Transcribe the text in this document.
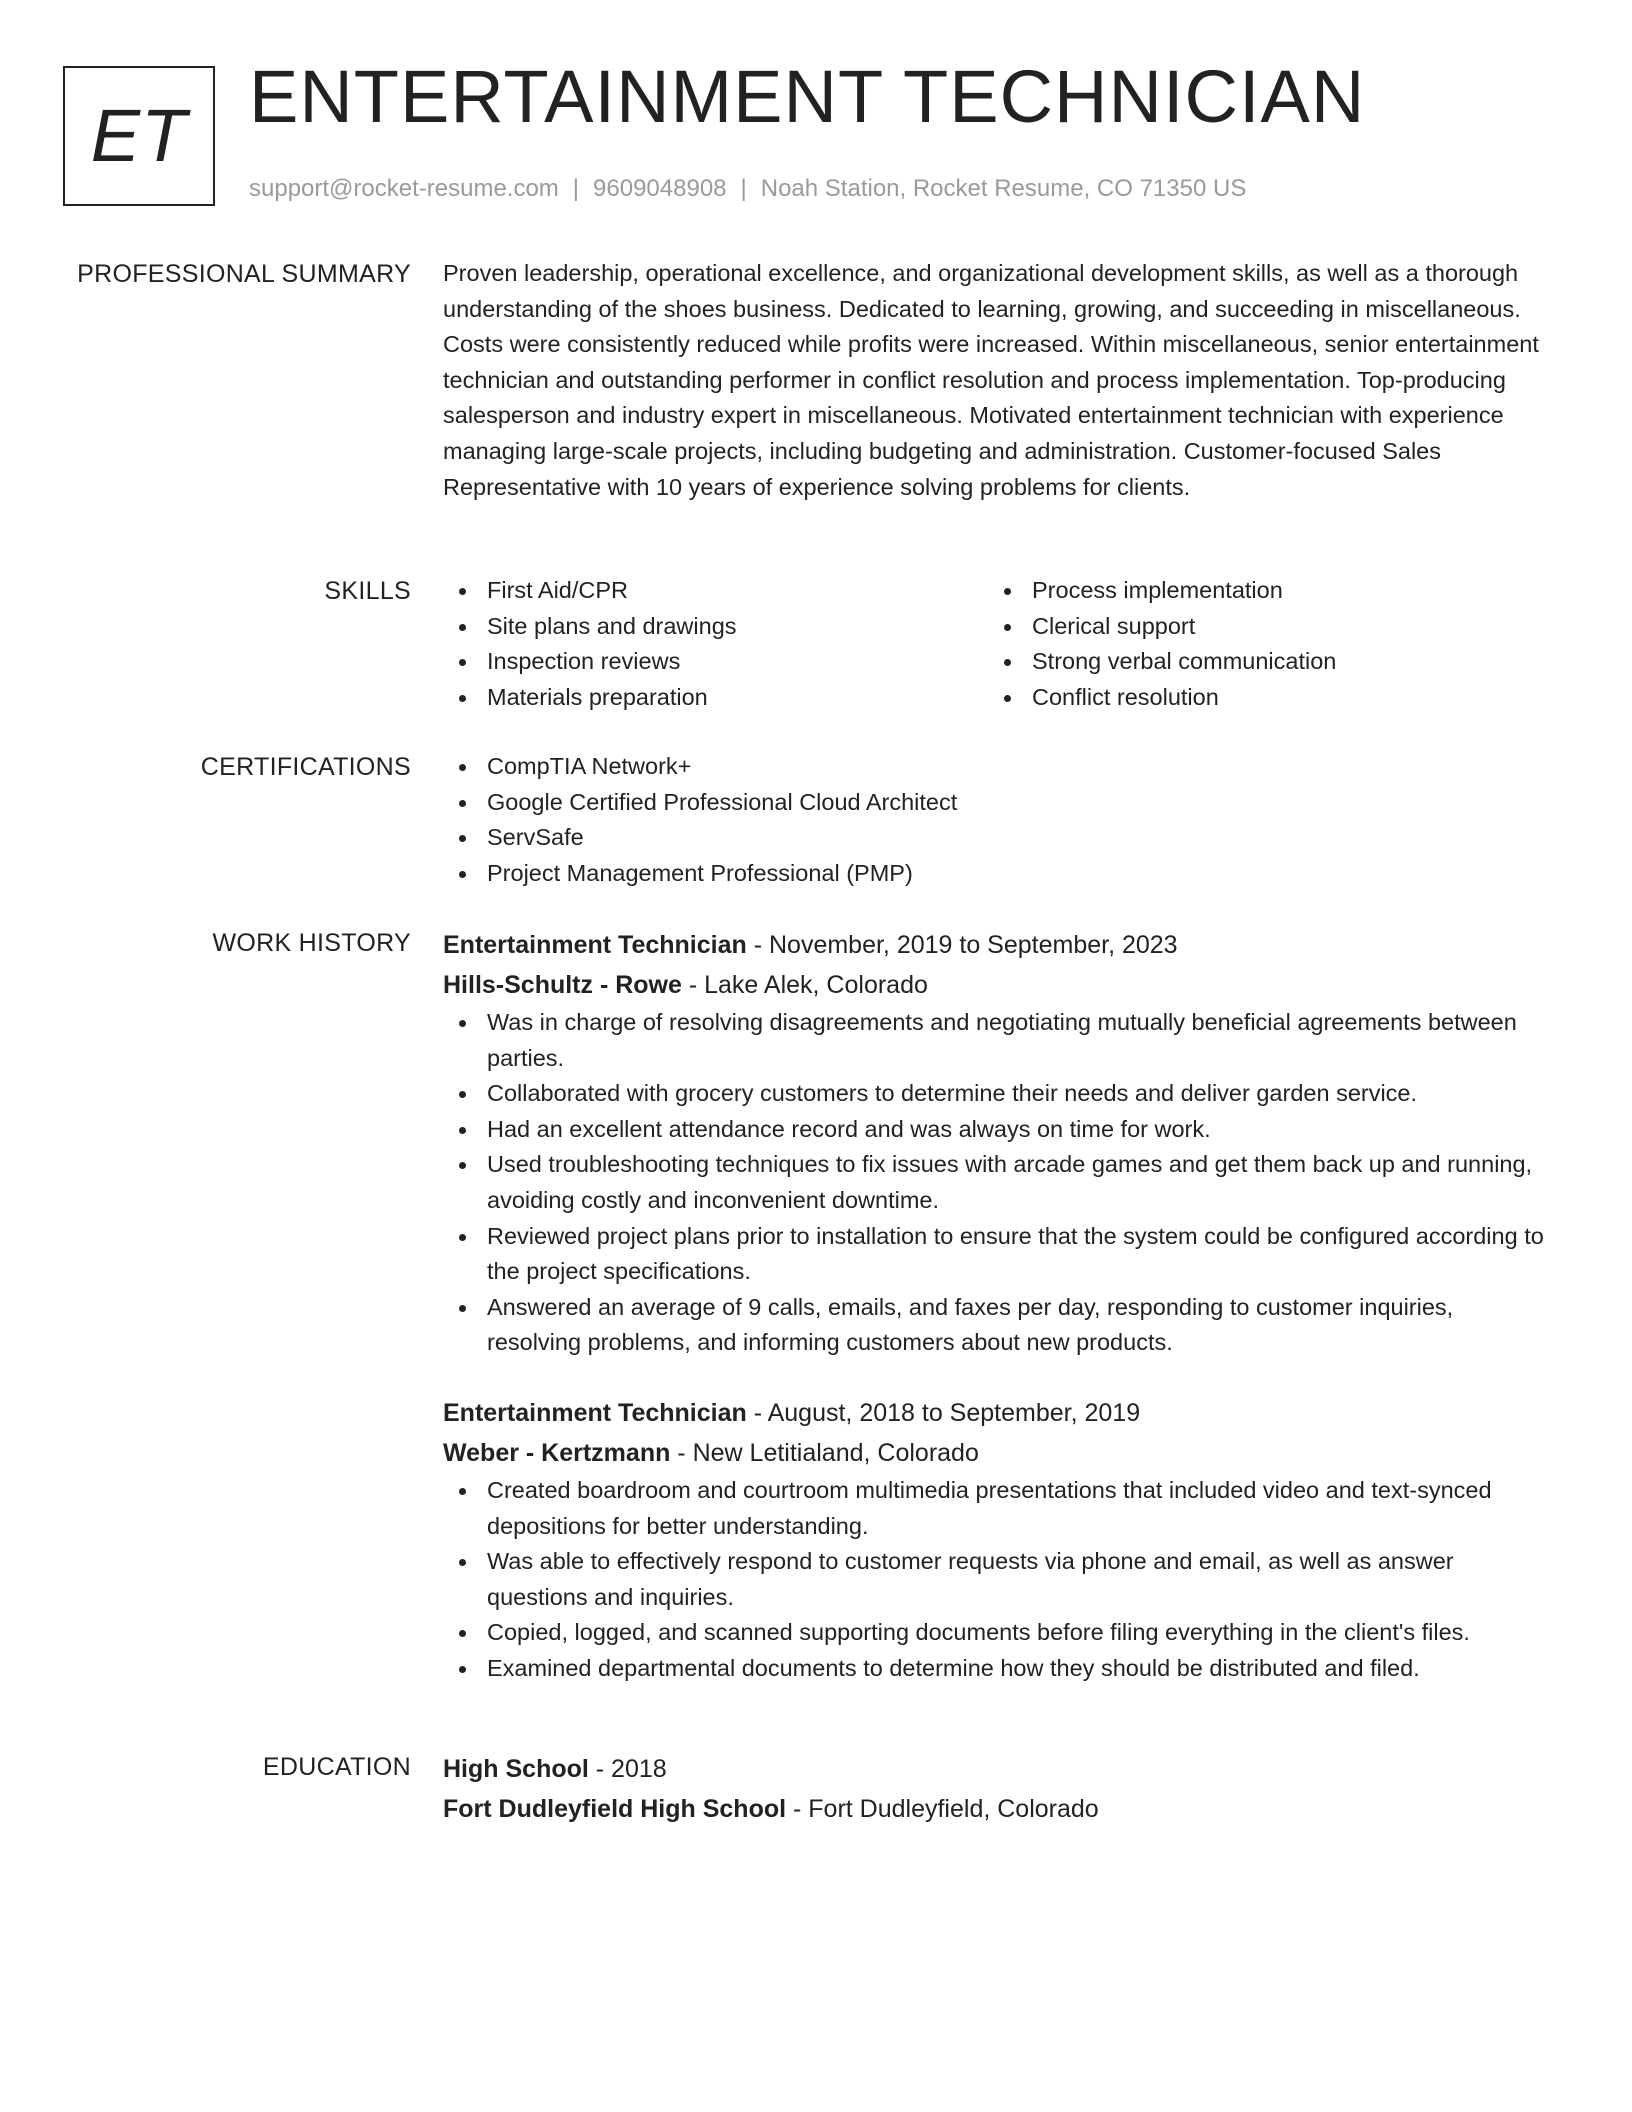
ET ENTERTAINMENT TECHNICIAN
support@rocket-resume.com | 9609048908 | Noah Station, Rocket Resume, CO 71350 US
PROFESSIONAL SUMMARY Proven leadership, operational excellence, and organizational development skills, as well as a thorough understanding of the shoes business. Dedicated to learning, growing, and succeeding in miscellaneous. Costs were consistently reduced while profits were increased. Within miscellaneous, senior entertainment technician and outstanding performer in conflict resolution and process implementation. Top-producing salesperson and industry expert in miscellaneous. Motivated entertainment technician with experience managing large-scale projects, including budgeting and administration. Customer-focused Sales Representative with 10 years of experience solving problems for clients.

SKILLS	First Aid/CPR
Site plans and drawings
Inspection reviews
Materials preparation
Process implementation
Clerical support
Strong verbal communication
Conflict resolution
CERTIFICATIONS	CompTIA Network+
Google Certified Professional Cloud Architect
ServSafe
Project Management Professional (PMP)
WORK HISTORY Entertainment Technician - November, 2019 to September, 2023
Hills-Schultz - Rowe - Lake Alek, Colorado
Was in charge of resolving disagreements and negotiating mutually beneficial agreements between parties.
Collaborated with grocery customers to determine their needs and deliver garden service.
Had an excellent attendance record and was always on time for work.
Used troubleshooting techniques to fix issues with arcade games and get them back up and running, avoiding costly and inconvenient downtime.
Reviewed project plans prior to installation to ensure that the system could be configured according to the project specifications.
Answered an average of 9 calls, emails, and faxes per day, responding to customer inquiries, resolving problems, and informing customers about new products.
Entertainment Technician - August, 2018 to September, 2019
Weber - Kertzmann - New Letitialand, Colorado
Created boardroom and courtroom multimedia presentations that included video and text-synced depositions for better understanding.
Was able to effectively respond to customer requests via phone and email, as well as answer questions and inquiries.
Copied, logged, and scanned supporting documents before filing everything in the client's files.
Examined departmental documents to determine how they should be distributed and filed.
EDUCATION High School - 2018
Fort Dudleyfield High School - Fort Dudleyfield, Colorado
